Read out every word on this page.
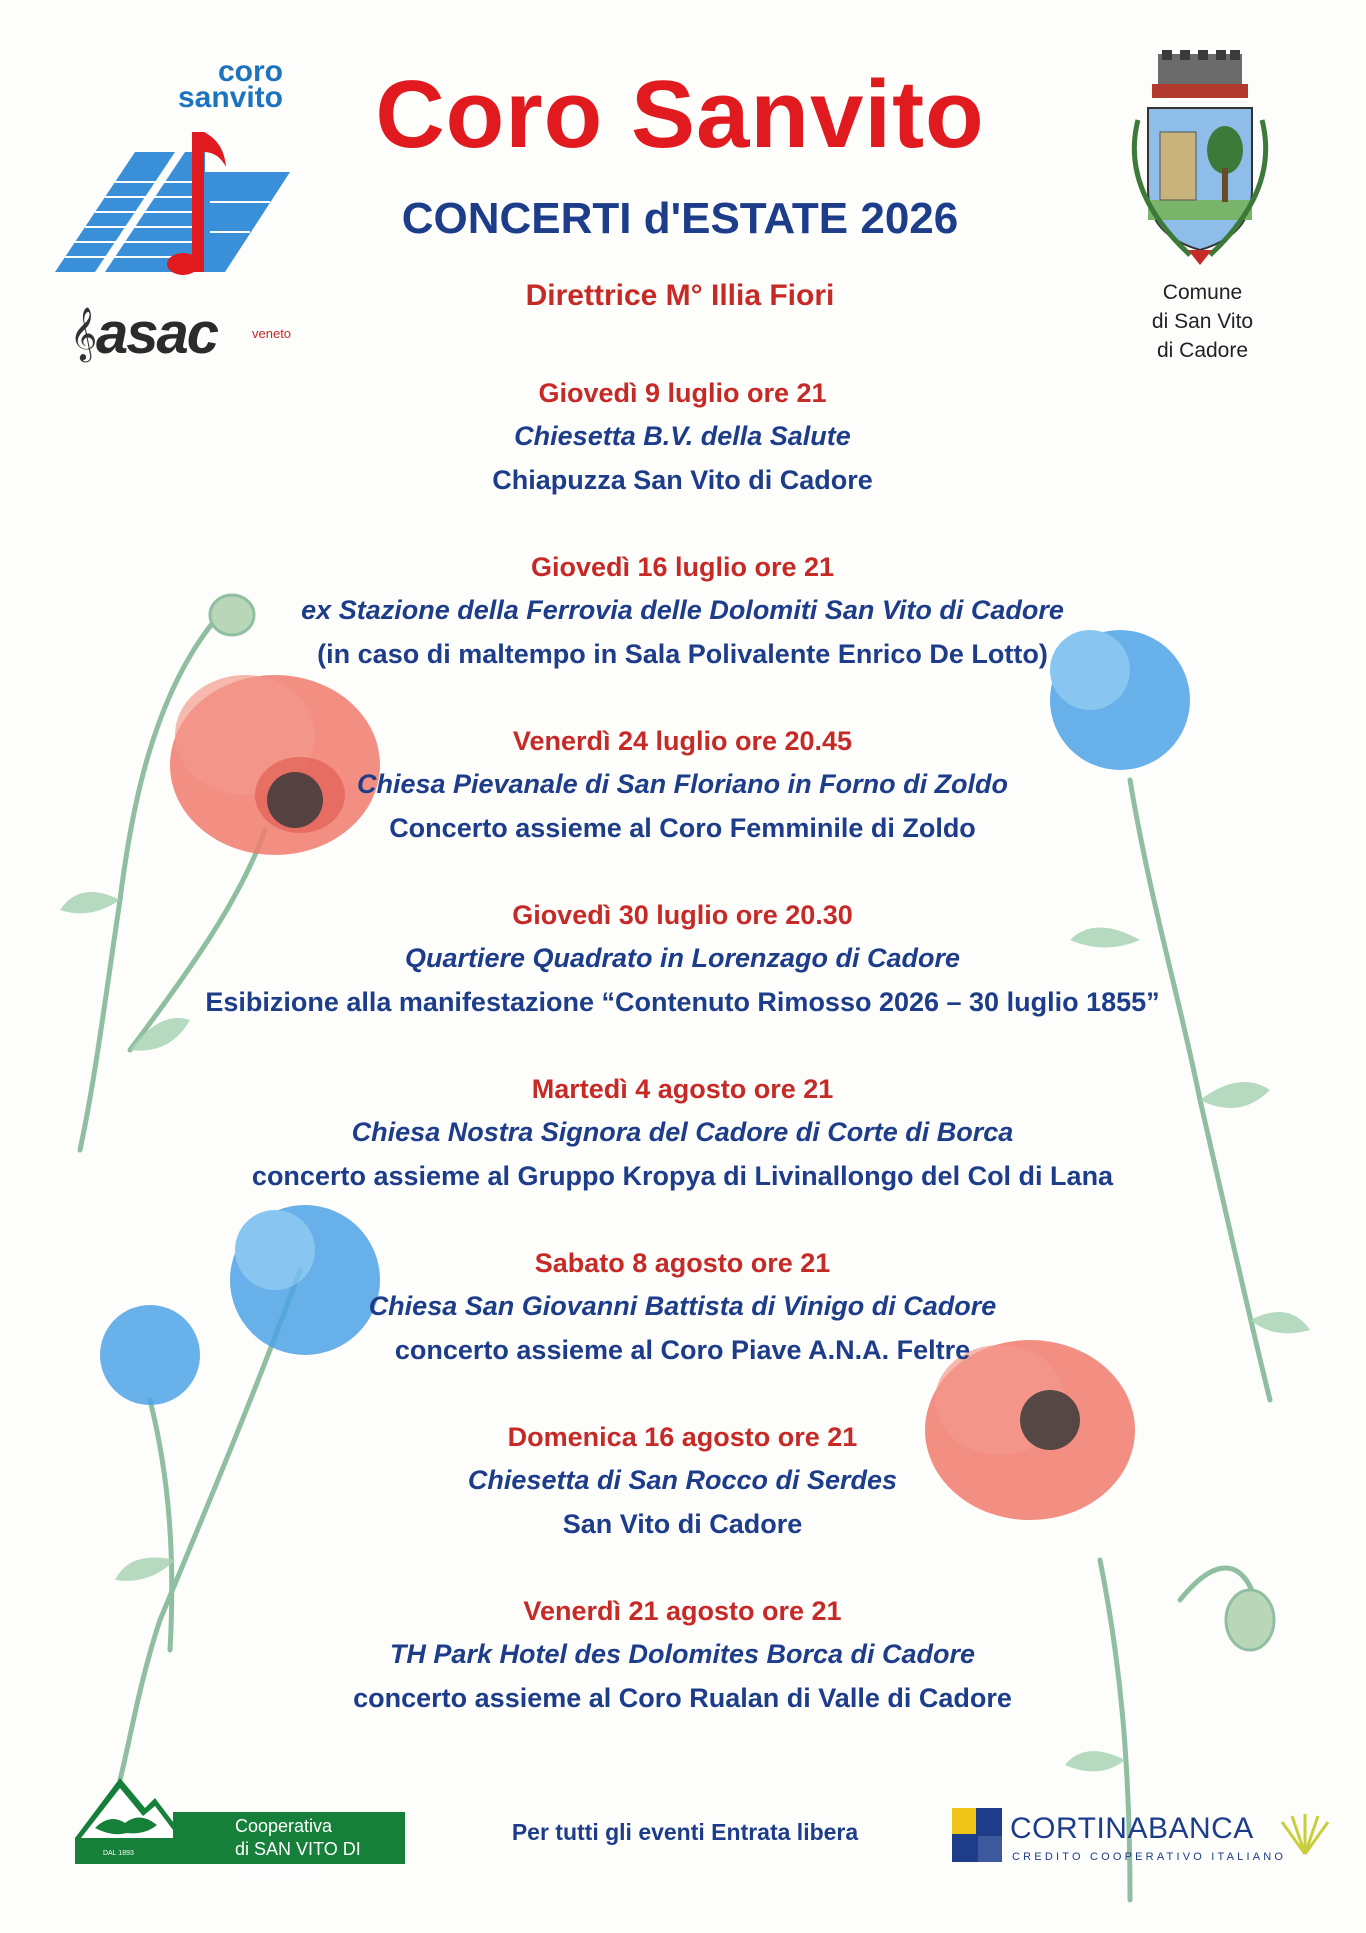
coro
sanvito
𝄞
asac	veneto
Coro Sanvito
CONCERTI d'ESTATE 2026
Direttrice M° Illia Fiori	Comune
di San Vito
di Cadore
Giovedì 9 luglio ore 21
Chiesetta B.V. della Salute
Chiapuzza San Vito di Cadore
Giovedì 16 luglio ore 21
ex Stazione della Ferrovia delle Dolomiti San Vito di Cadore
(in caso di maltempo in Sala Polivalente Enrico De Lotto)
Venerdì 24 luglio ore 20.45
Chiesa Pievanale di San Floriano in Forno di Zoldo
Concerto assieme al Coro Femminile di Zoldo
Giovedì 30 luglio ore 20.30
Quartiere Quadrato in Lorenzago di Cadore
Esibizione alla manifestazione “Contenuto Rimosso 2026 – 30 luglio 1855”
Martedì 4 agosto ore 21
Chiesa Nostra Signora del Cadore di Corte di Borca
concerto assieme al Gruppo Kropya di Livinallongo del Col di Lana
Sabato 8 agosto ore 21
Chiesa San Giovanni Battista di Vinigo di Cadore
concerto assieme al Coro Piave A.N.A. Feltre
Domenica 16 agosto ore 21
Chiesetta di San Rocco di Serdes
San Vito di Cadore
Venerdì 21 agosto ore 21
TH Park Hotel des Dolomites Borca di Cadore
concerto assieme al Coro Rualan di Valle di Cadore
DAL 1893
Cooperativa
di SAN VITO DI CADORE
Per tutti gli eventi Entrata libera	CORTINABANCA
CREDITO COOPERATIVO ITALIANO
